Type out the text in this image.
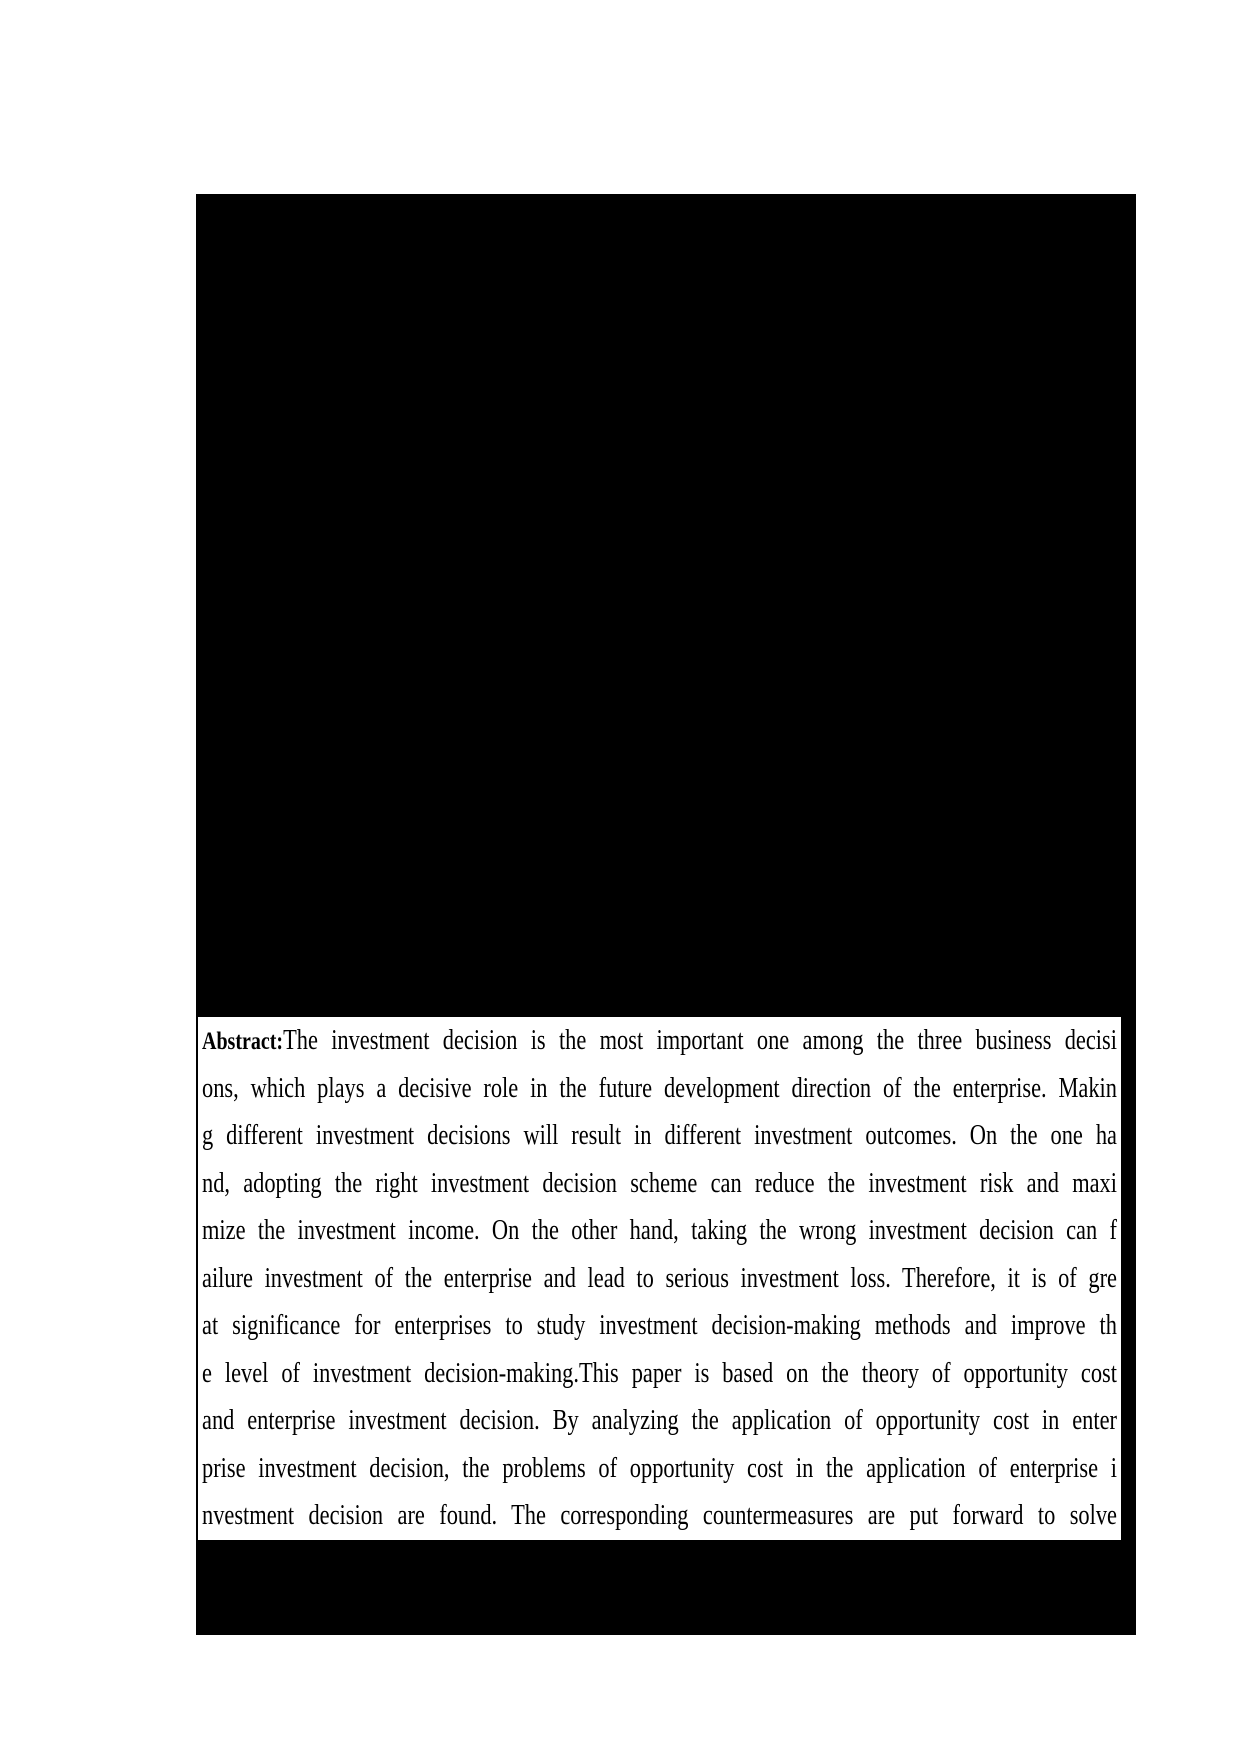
Abstract:The investment decision is the most important one among the three business decisi
ons, which plays a decisive role in the future development direction of the enterprise. Makin
g different investment decisions will result in different investment outcomes. On the one ha
nd, adopting the right investment decision scheme can reduce the investment risk and maxi
mize the investment income. On the other hand, taking the wrong investment decision can f
ailure investment of the enterprise and lead to serious investment loss. Therefore, it is of gre
at significance for enterprises to study investment decision-making methods and improve th
e level of investment decision-making.This paper is based on the theory of opportunity cost
and enterprise investment decision. By analyzing the application of opportunity cost in enter
prise investment decision, the problems of opportunity cost in the application of enterprise i
nvestment decision are found. The corresponding countermeasures are put forward to solve
